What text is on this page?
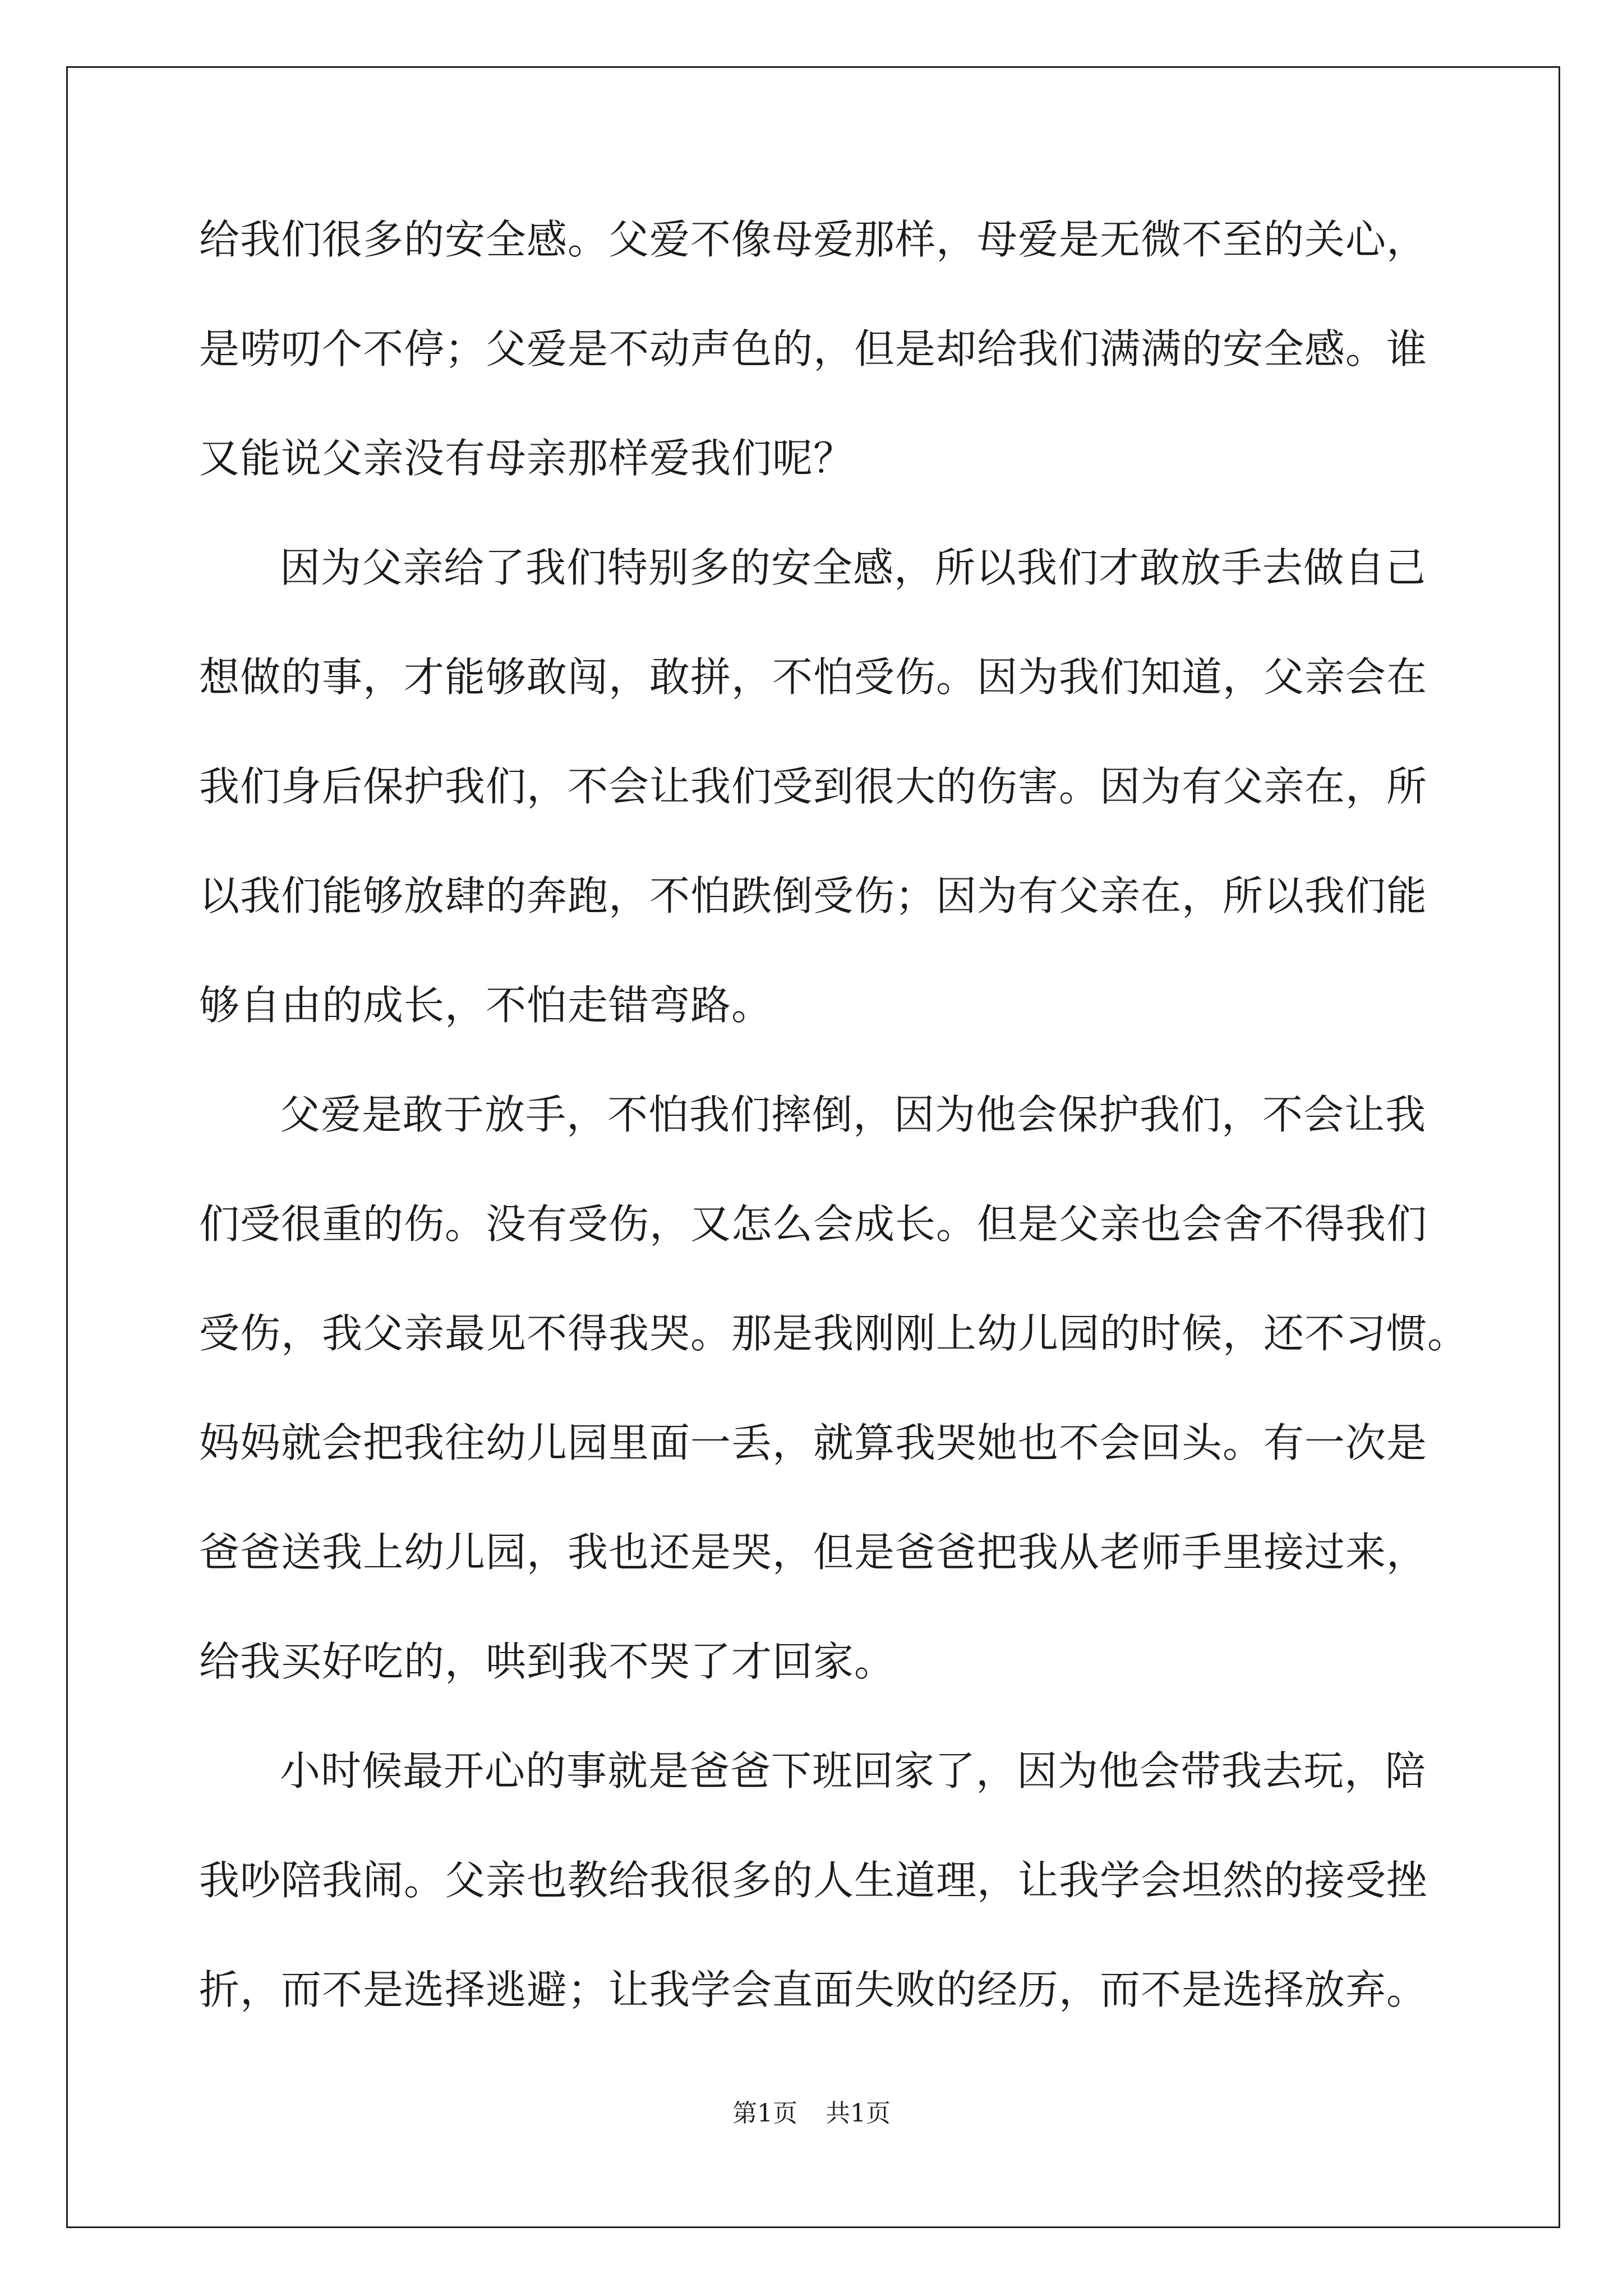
给我们很多的安全感。父爱不像母爱那样，母爱是无微不至的关心，
是唠叨个不停；父爱是不动声色的，但是却给我们满满的安全感。谁
又能说父亲没有母亲那样爱我们呢？
因为父亲给了我们特别多的安全感，所以我们才敢放手去做自己
想做的事，才能够敢闯，敢拼，不怕受伤。因为我们知道，父亲会在
我们身后保护我们，不会让我们受到很大的伤害。因为有父亲在，所
以我们能够放肆的奔跑，不怕跌倒受伤；因为有父亲在，所以我们能
够自由的成长，不怕走错弯路。
父爱是敢于放手，不怕我们摔倒，因为他会保护我们，不会让我
们受很重的伤。没有受伤，又怎么会成长。但是父亲也会舍不得我们
受伤，我父亲最见不得我哭。那是我刚刚上幼儿园的时候，还不习惯。
妈妈就会把我往幼儿园里面一丢，就算我哭她也不会回头。有一次是
爸爸送我上幼儿园，我也还是哭，但是爸爸把我从老师手里接过来，
给我买好吃的，哄到我不哭了才回家。
小时候最开心的事就是爸爸下班回家了，因为他会带我去玩，陪
我吵陪我闹。父亲也教给我很多的人生道理，让我学会坦然的接受挫
折，而不是选择逃避；让我学会直面失败的经历，而不是选择放弃。
第1页 共1页
